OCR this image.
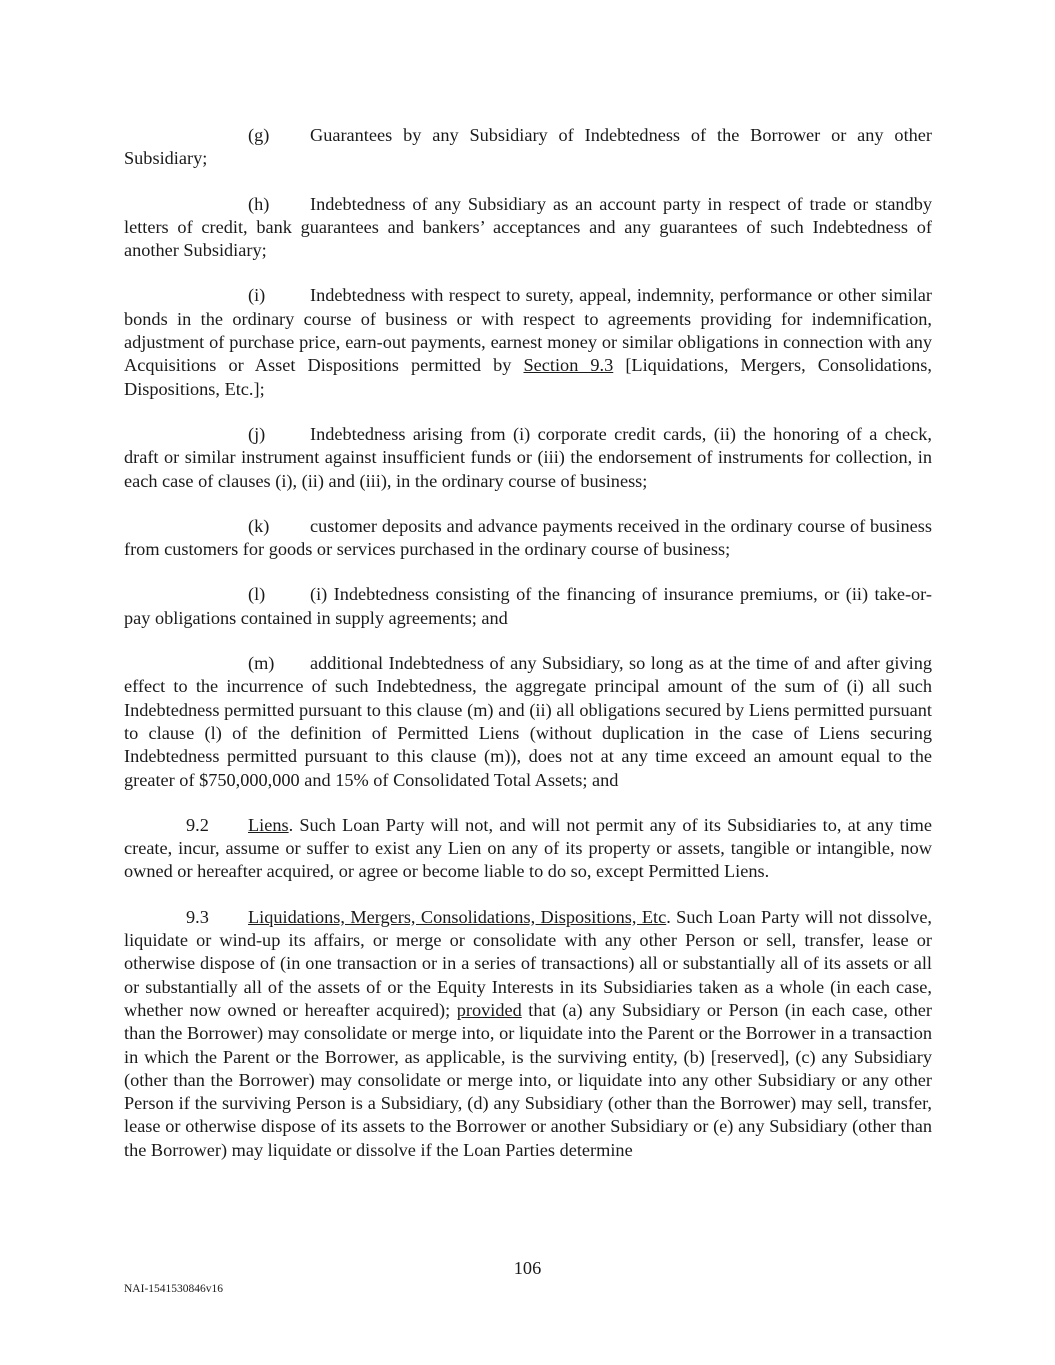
(g) Guarantees by any Subsidiary of Indebtedness of the Borrower or any other Subsidiary;

(h) Indebtedness of any Subsidiary as an account party in respect of trade or standby letters of credit, bank guarantees and bankers’ acceptances and any guarantees of such Indebtedness of another Subsidiary;

(i) Indebtedness with respect to surety, appeal, indemnity, performance or other similar bonds in the ordinary course of business or with respect to agreements providing for indemnification, adjustment of purchase price, earn-out payments, earnest money or similar obligations in connection with any Acquisitions or Asset Dispositions permitted by Section 9.3 [Liquidations, Mergers, Consolidations, Dispositions, Etc.];

(j) Indebtedness arising from (i) corporate credit cards, (ii) the honoring of a check, draft or similar instrument against insufficient funds or (iii) the endorsement of instruments for collection, in each case of clauses (i), (ii) and (iii), in the ordinary course of business;

(k) customer deposits and advance payments received in the ordinary course of business from customers for goods or services purchased in the ordinary course of business;

(l) (i) Indebtedness consisting of the financing of insurance premiums, or (ii) take-or-pay obligations contained in supply agreements; and

(m) additional Indebtedness of any Subsidiary, so long as at the time of and after giving effect to the incurrence of such Indebtedness, the aggregate principal amount of the sum of (i) all such Indebtedness permitted pursuant to this clause (m) and (ii) all obligations secured by Liens permitted pursuant to clause (l) of the definition of Permitted Liens (without duplication in the case of Liens securing Indebtedness permitted pursuant to this clause (m)), does not at any time exceed an amount equal to the greater of $750,000,000 and 15% of Consolidated Total Assets; and

9.2 Liens. Such Loan Party will not, and will not permit any of its Subsidiaries to, at any time create, incur, assume or suffer to exist any Lien on any of its property or assets, tangible or intangible, now owned or hereafter acquired, or agree or become liable to do so, except Permitted Liens.

9.3 Liquidations, Mergers, Consolidations, Dispositions, Etc. Such Loan Party will not dissolve, liquidate or wind-up its affairs, or merge or consolidate with any other Person or sell, transfer, lease or otherwise dispose of (in one transaction or in a series of transactions) all or substantially all of its assets or all or substantially all of the assets of or the Equity Interests in its Subsidiaries taken as a whole (in each case, whether now owned or hereafter acquired); provided that (a) any Subsidiary or Person (in each case, other than the Borrower) may consolidate or merge into, or liquidate into the Parent or the Borrower in a transaction in which the Parent or the Borrower, as applicable, is the surviving entity, (b) [reserved], (c) any Subsidiary (other than the Borrower) may consolidate or merge into, or liquidate into any other Subsidiary or any other Person if the surviving Person is a Subsidiary, (d) any Subsidiary (other than the Borrower) may sell, transfer, lease or otherwise dispose of its assets to the Borrower or another Subsidiary or (e) any Subsidiary (other than the Borrower) may liquidate or dissolve if the Loan Parties determine

106
NAI-1541530846v16
